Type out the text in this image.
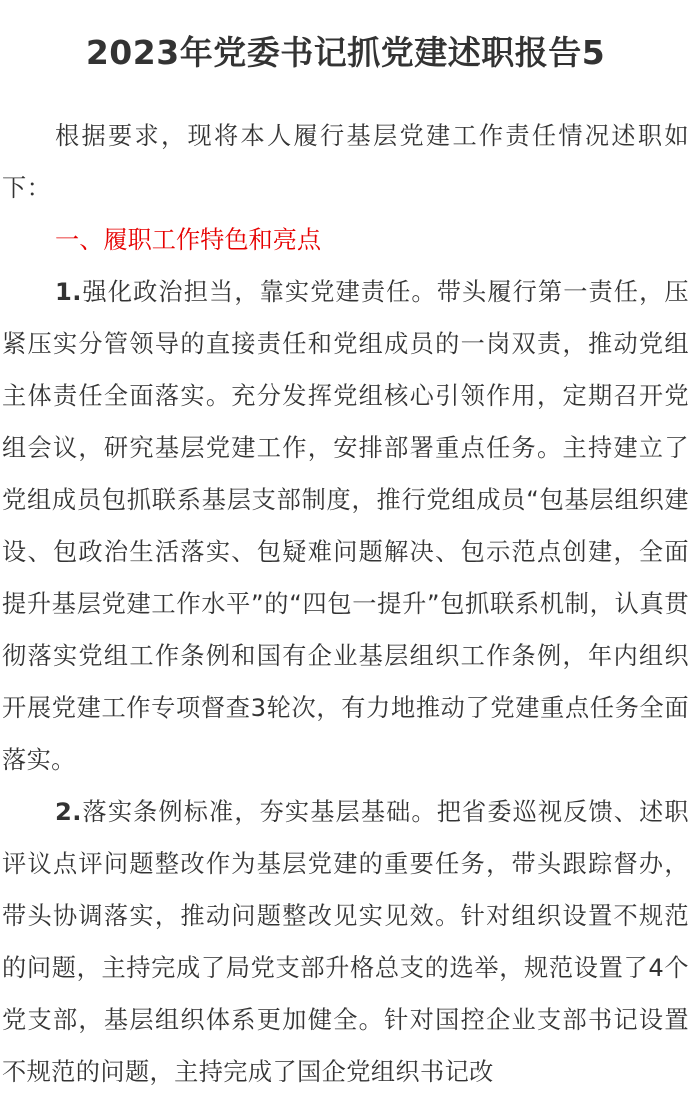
2023年党委书记抓党建述职报告5

根据要求，现将本人履行基层党建工作责任情况述职如下：

一、履职工作特色和亮点

1.强化政治担当，靠实党建责任。带头履行第一责任，压紧压实分管领导的直接责任和党组成员的一岗双责，推动党组主体责任全面落实。充分发挥党组核心引领作用，定期召开党组会议，研究基层党建工作，安排部署重点任务。主持建立了党组成员包抓联系基层支部制度，推行党组成员“包基层组织建设、包政治生活落实、包疑难问题解决、包示范点创建，全面提升基层党建工作水平”的“四包一提升”包抓联系机制，认真贯彻落实党组工作条例和国有企业基层组织工作条例，年内组织开展党建工作专项督查3轮次，有力地推动了党建重点任务全面落实。

2.落实条例标准，夯实基层基础。把省委巡视反馈、述职评议点评问题整改作为基层党建的重要任务，带头跟踪督办，带头协调落实，推动问题整改见实见效。针对组织设置不规范的问题，主持完成了局党支部升格总支的选举，规范设置了4个党支部，基层组织体系更加健全。针对国控企业支部书记设置不规范的问题，主持完成了国企党组织书记改
